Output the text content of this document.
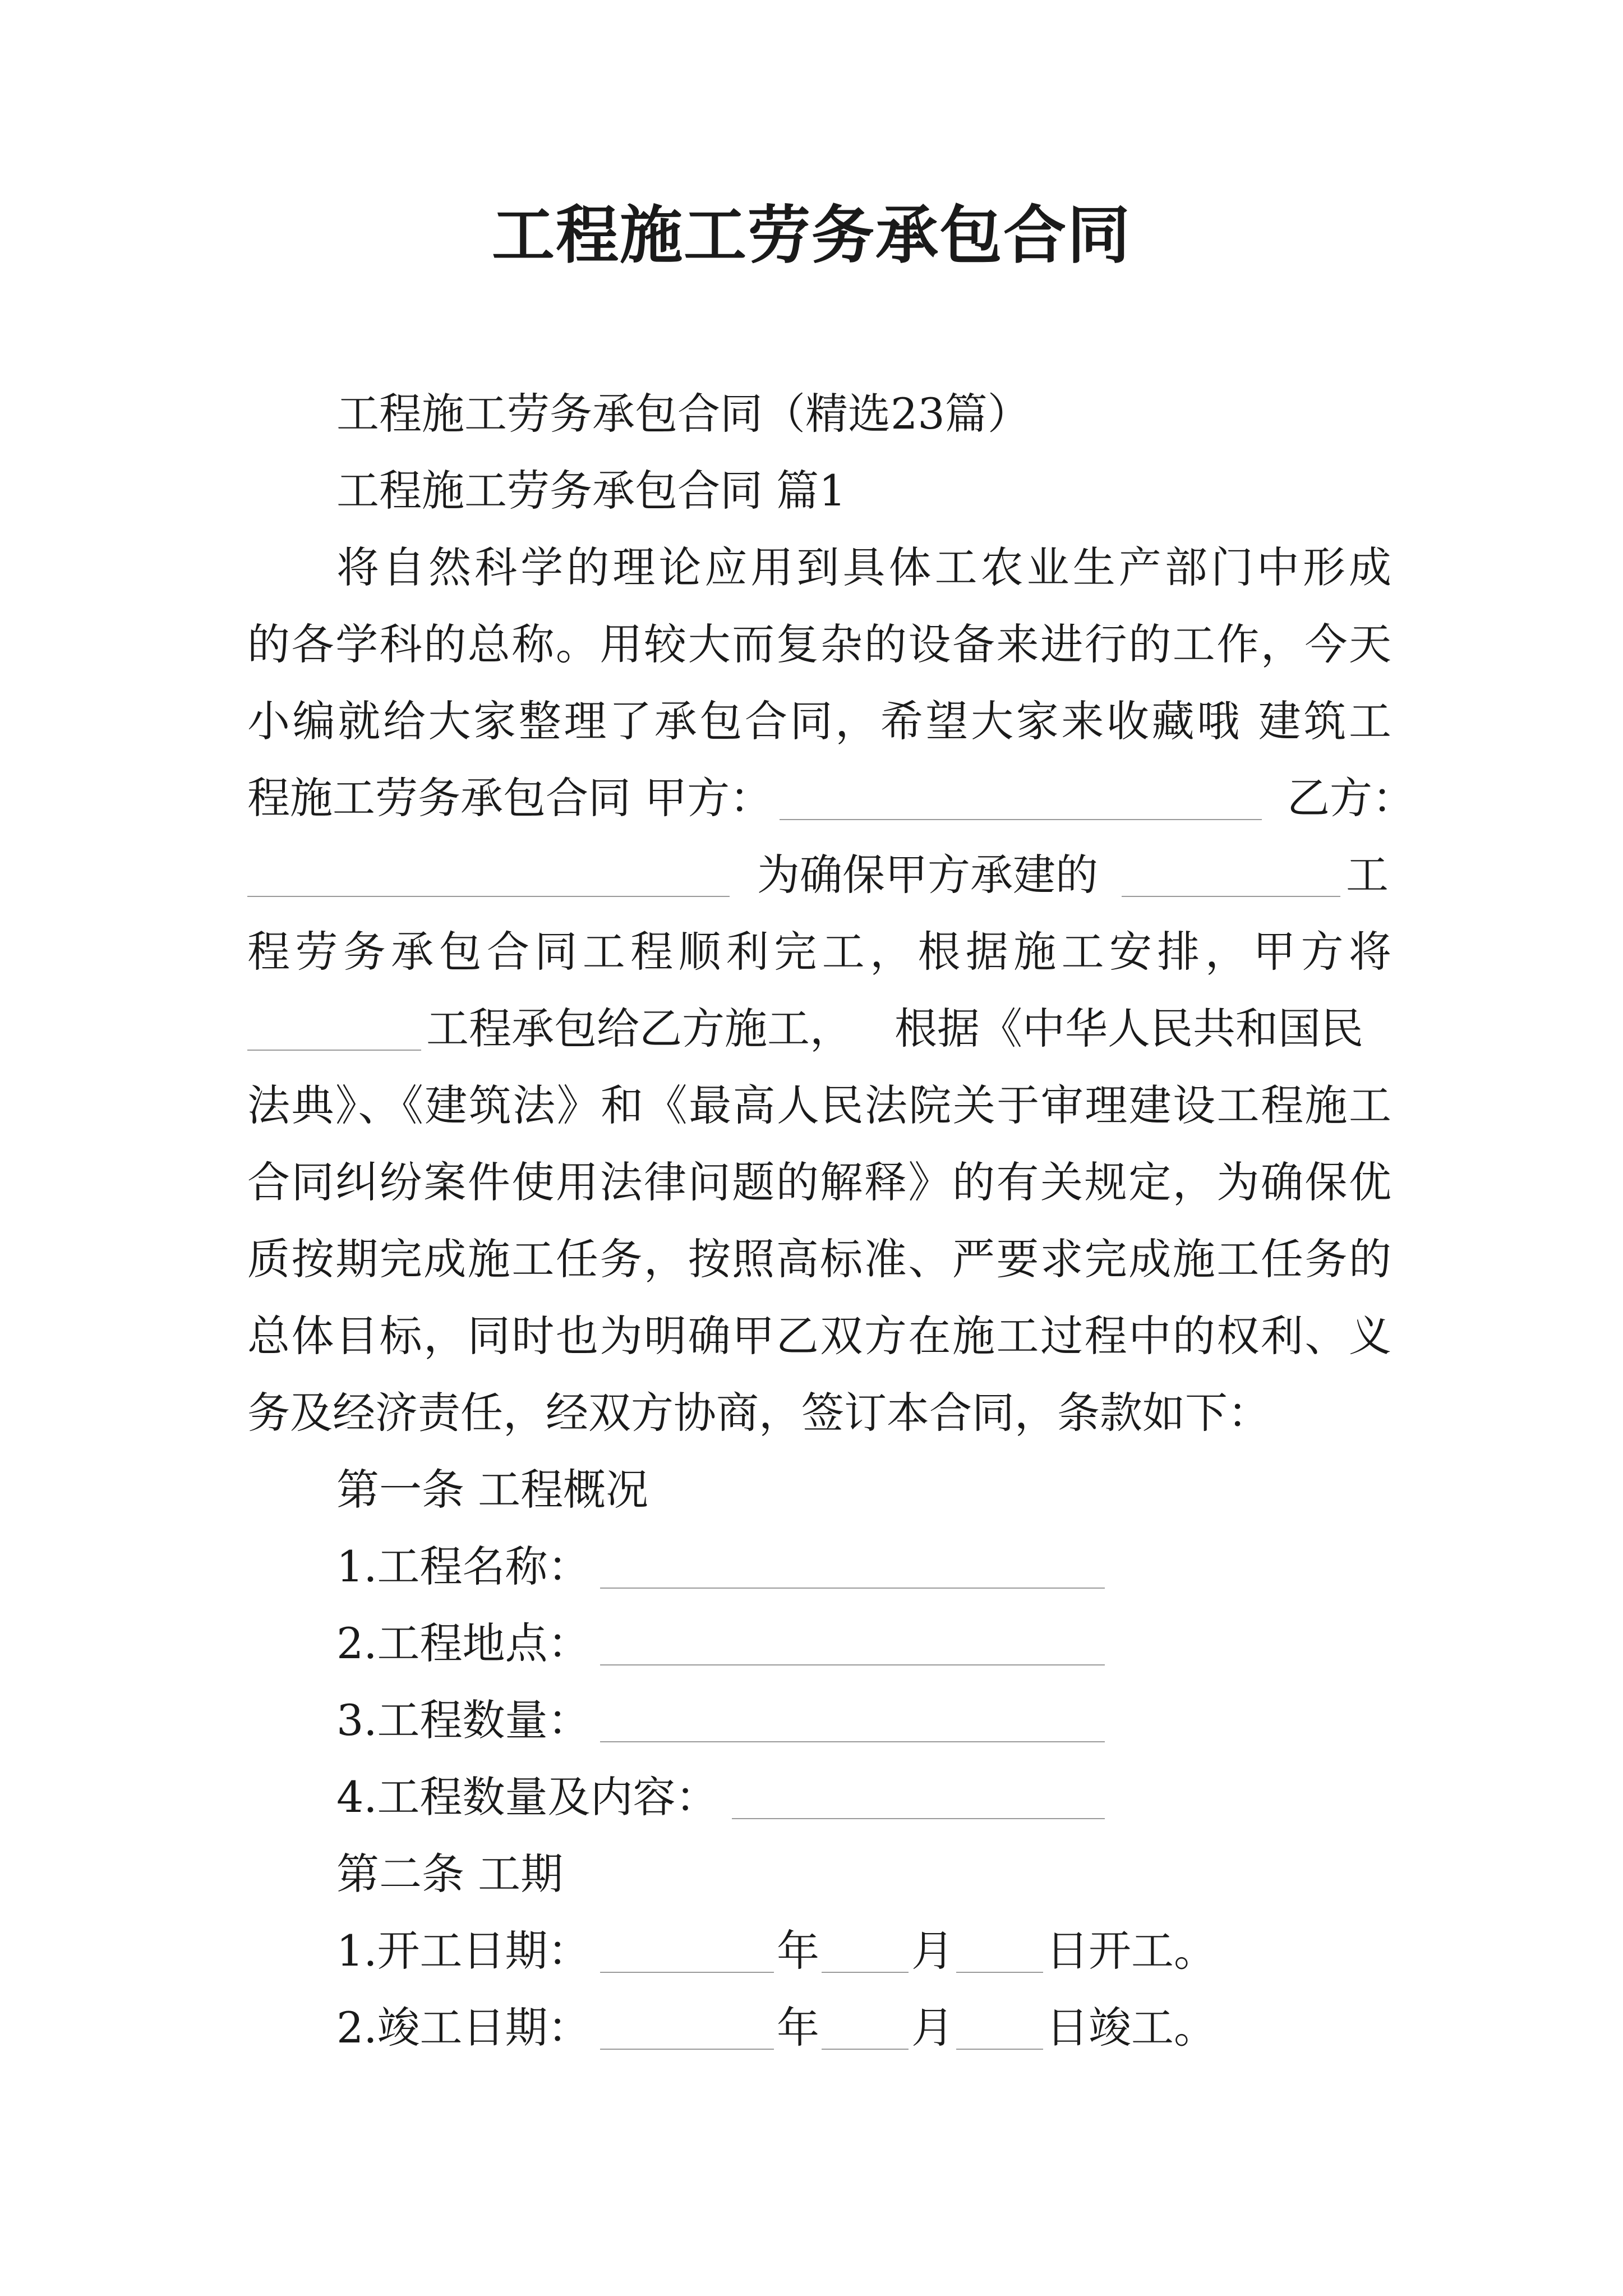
工程施工劳务承包合同
工程施工劳务承包合同（精选23篇）
工程施工劳务承包合同 篇1
将自然科学的理论应用到具体工农业生产部门中形成
的各学科的总称。用较大而复杂的设备来进行的工作，今天
小编就给大家整理了承包合同，希望大家来收藏哦 建筑工
程施工劳务承包合同 甲方：	乙方：
为确保甲方承建的	工
程劳务承包合同工程顺利完工，根据施工安排，甲方将
工程承包给乙方施工， 根据《中华人民共和国民
法典》、《建筑法》和《最高人民法院关于审理建设工程施工
合同纠纷案件使用法律问题的解释》的有关规定，为确保优
质按期完成施工任务，按照高标准、严要求完成施工任务的
总体目标，同时也为明确甲乙双方在施工过程中的权利、义
务及经济责任，经双方协商，签订本合同，条款如下：
第一条 工程概况
1.工程名称：
2.工程地点：
3.工程数量：
4.工程数量及内容：
第二条 工期
1.开工日期：	年 月 日开工。
2.竣工日期：	年 月 日竣工。
